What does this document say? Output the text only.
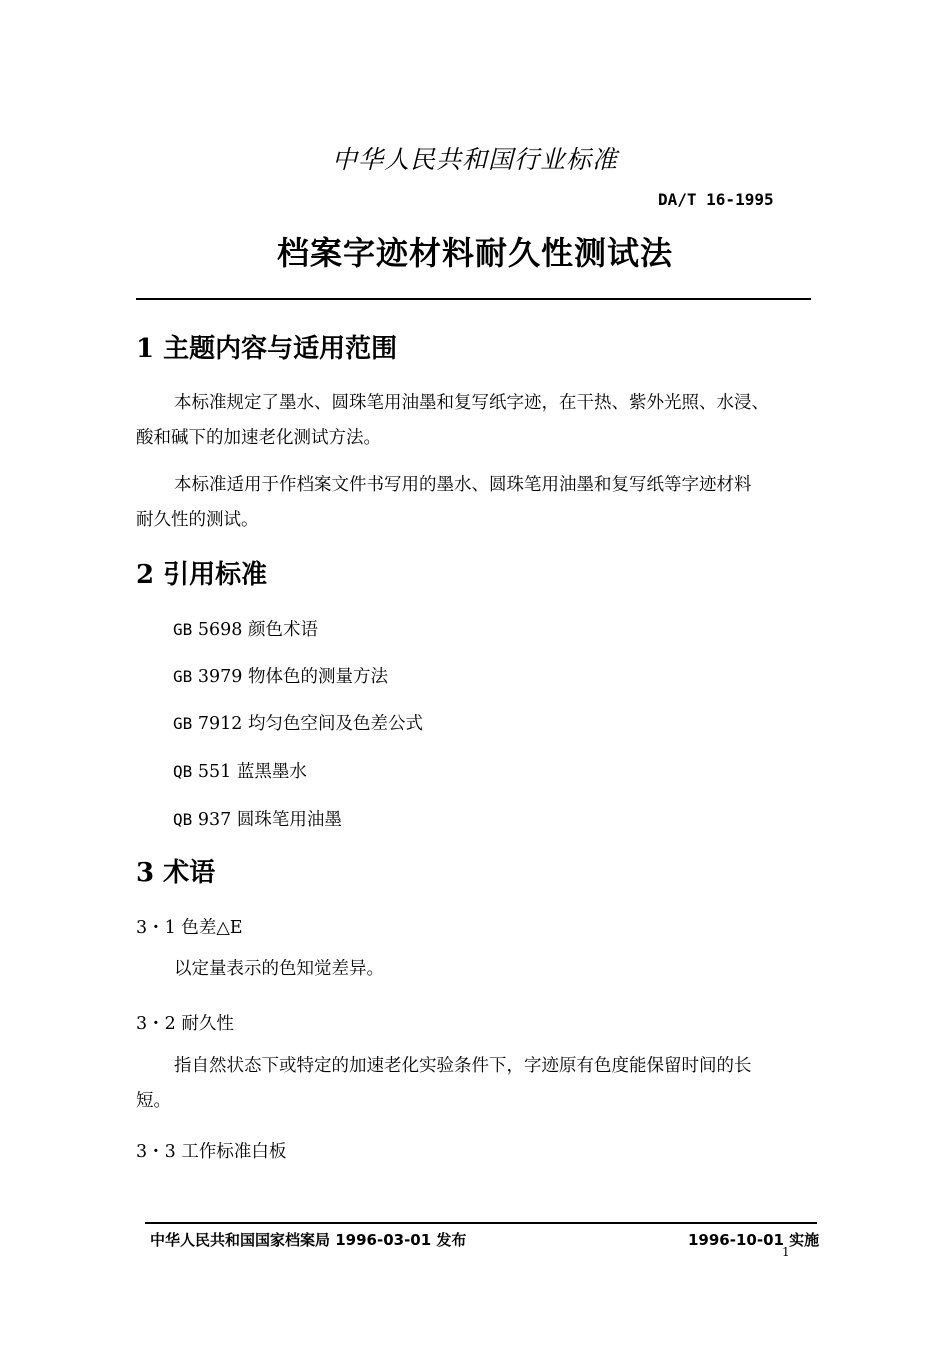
中华人民共和国行业标准
DA/T 16-1995
档案字迹材料耐久性测试法
1 主题内容与适用范围
本标准规定了墨水、圆珠笔用油墨和复写纸字迹，在干热、紫外光照、水浸、
酸和碱下的加速老化测试方法。
本标准适用于作档案文件书写用的墨水、圆珠笔用油墨和复写纸等字迹材料
耐久性的测试。
2 引用标准
GB 5698 颜色术语
GB 3979 物体色的测量方法
GB 7912 均匀色空间及色差公式
QB 551 蓝黑墨水
QB 937 圆珠笔用油墨
3 术语
3・1 色差△E
以定量表示的色知觉差异。
3・2 耐久性
指自然状态下或特定的加速老化实验条件下，字迹原有色度能保留时间的长
短。
3・3 工作标准白板
中华人民共和国国家档案局 1996-03-01 发布	1996-10-01 实施
1
